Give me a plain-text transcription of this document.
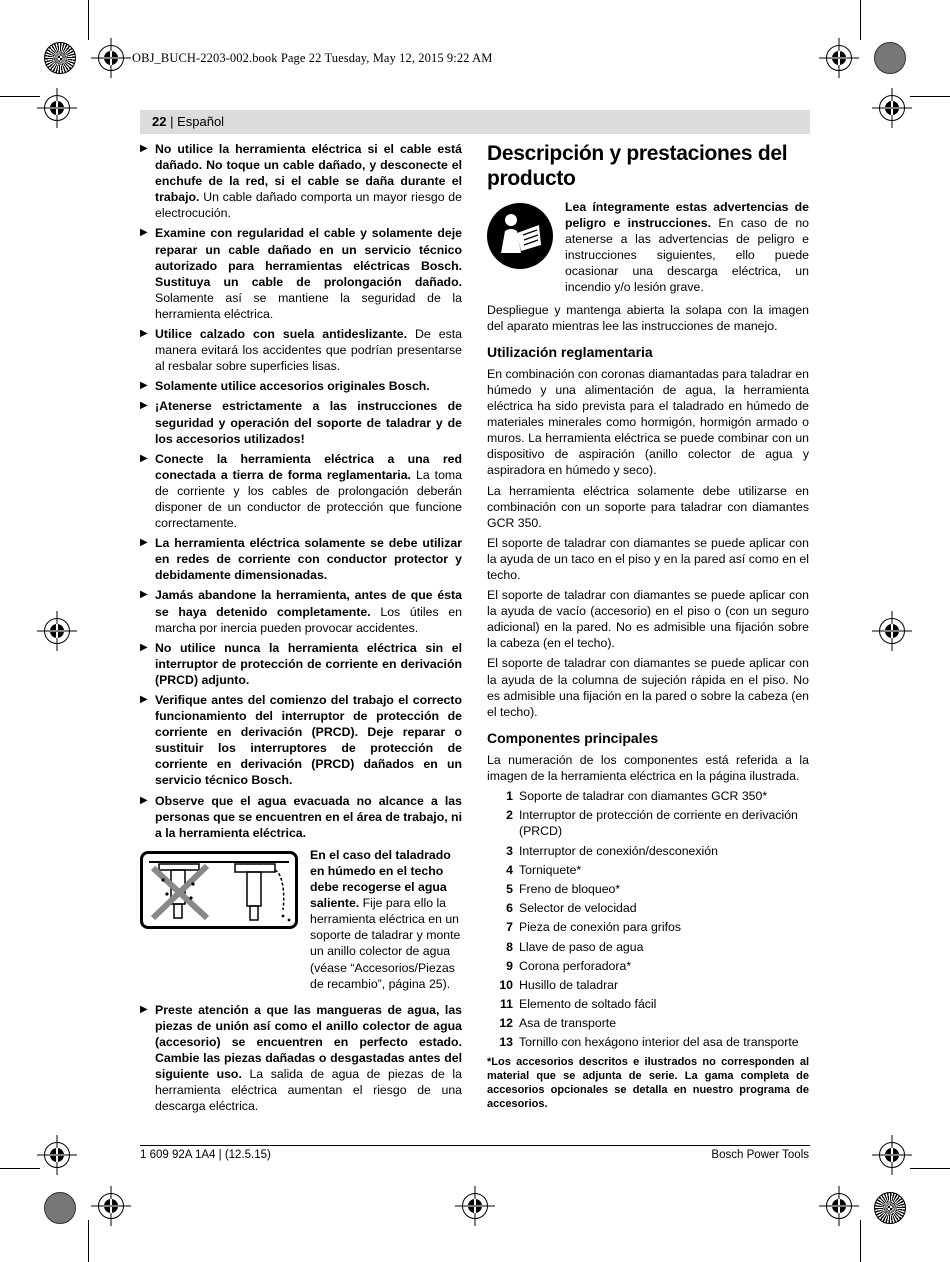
OBJ_BUCH-2203-002.book Page 22 Tuesday, May 12, 2015 9:22 AM
22 | Español
▶ No utilice la herramienta eléctrica si el cable está dañado. No toque un cable dañado, y desconecte el enchufe de la red, si el cable se daña durante el trabajo. Un cable dañado comporta un mayor riesgo de electrocución.
▶ Examine con regularidad el cable y solamente deje reparar un cable dañado en un servicio técnico autorizado para herramientas eléctricas Bosch. Sustituya un cable de prolongación dañado. Solamente así se mantiene la seguridad de la herramienta eléctrica.
▶ Utilice calzado con suela antideslizante. De esta manera evitará los accidentes que podrían presentarse al resbalar sobre superficies lisas.
▶ Solamente utilice accesorios originales Bosch.
▶ ¡Atenerse estrictamente a las instrucciones de seguridad y operación del soporte de taladrar y de los accesorios utilizados!
▶ Conecte la herramienta eléctrica a una red conectada a tierra de forma reglamentaria. La toma de corriente y los cables de prolongación deberán disponer de un conductor de protección que funcione correctamente.
▶ La herramienta eléctrica solamente se debe utilizar en redes de corriente con conductor protector y debidamente dimensionadas.
▶ Jamás abandone la herramienta, antes de que ésta se haya detenido completamente. Los útiles en marcha por inercia pueden provocar accidentes.
▶ No utilice nunca la herramienta eléctrica sin el interruptor de protección de corriente en derivación (PRCD) adjunto.
▶ Verifique antes del comienzo del trabajo el correcto funcionamiento del interruptor de protección de corriente en derivación (PRCD). Deje reparar o sustituir los interruptores de protección de corriente en derivación (PRCD) dañados en un servicio técnico Bosch.
▶ Observe que el agua evacuada no alcance a las personas que se encuentren en el área de trabajo, ni a la herramienta eléctrica.
En el caso del taladrado en húmedo en el techo debe recogerse el agua saliente. Fije para ello la herramienta eléctrica en un soporte de taladrar y monte un anillo colector de agua (véase “Accesorios/Piezas de recambio”, página 25).
▶ Preste atención a que las mangueras de agua, las piezas de unión así como el anillo colector de agua (accesorio) se encuentren en perfecto estado. Cambie las piezas dañadas o desgastadas antes del siguiente uso. La salida de agua de piezas de la herramienta eléctrica aumentan el riesgo de una descarga eléctrica.
Descripción y prestaciones del producto
Lea íntegramente estas advertencias de peligro e instrucciones. En caso de no atenerse a las advertencias de peligro e instrucciones siguientes, ello puede ocasionar una descarga eléctrica, un incendio y/o lesión grave.

Despliegue y mantenga abierta la solapa con la imagen del aparato mientras lee las instrucciones de manejo.

Utilización reglamentaria

En combinación con coronas diamantadas para taladrar en húmedo y una alimentación de agua, la herramienta eléctrica ha sido prevista para el taladrado en húmedo de materiales minerales como hormigón, hormigón armado o muros. La herramienta eléctrica se puede combinar con un dispositivo de aspiración (anillo colector de agua y aspiradora en húmedo y seco).

La herramienta eléctrica solamente debe utilizarse en combinación con un soporte para taladrar con diamantes GCR 350.

El soporte de taladrar con diamantes se puede aplicar con la ayuda de un taco en el piso y en la pared así como en el techo.

El soporte de taladrar con diamantes se puede aplicar con la ayuda de vacío (accesorio) en el piso o (con un seguro adicional) en la pared. No es admisible una fijación sobre la cabeza (en el techo).

El soporte de taladrar con diamantes se puede aplicar con la ayuda de la columna de sujeción rápida en el piso. No es admisible una fijación en la pared o sobre la cabeza (en el techo).

Componentes principales

La numeración de los componentes está referida a la imagen de la herramienta eléctrica en la página ilustrada.

1 Soporte de taladrar con diamantes GCR 350*
2 Interruptor de protección de corriente en derivación (PRCD)
3 Interruptor de conexión/desconexión
4 Torniquete*
5 Freno de bloqueo*
6 Selector de velocidad
7 Pieza de conexión para grifos
8 Llave de paso de agua
9 Corona perforadora*
10 Husillo de taladrar
11 Elemento de soltado fácil
12 Asa de transporte
13 Tornillo con hexágono interior del asa de transporte
*Los accesorios descritos e ilustrados no corresponden al material que se adjunta de serie. La gama completa de accesorios opcionales se detalla en nuestro programa de accesorios.
1 609 92A 1A4 | (12.5.15)	Bosch Power Tools
